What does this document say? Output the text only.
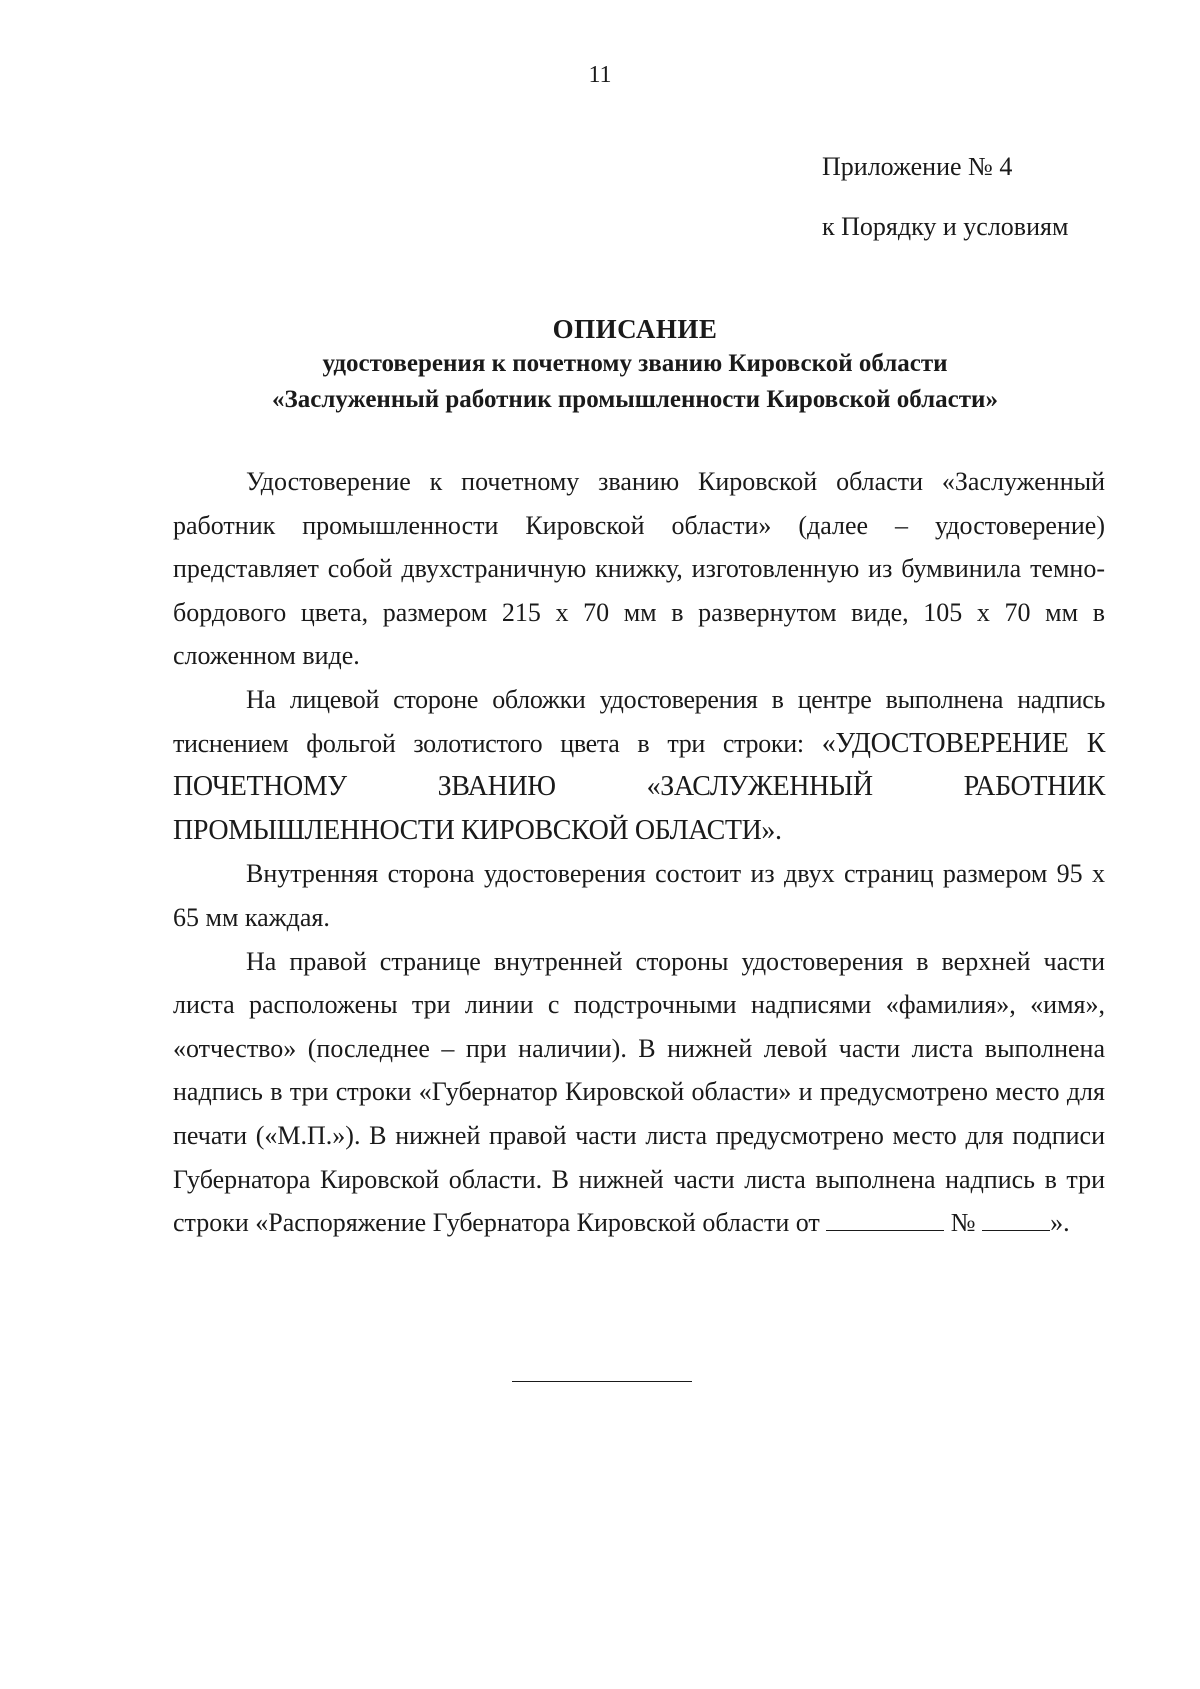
11
Приложение № 4
к Порядку и условиям
ОПИСАНИЕ
удостоверения к почетному званию Кировской области
«Заслуженный работник промышленности Кировской области»

Удостоверение к почетному званию Кировской области «Заслуженный работник промышленности Кировской области» (далее – удостоверение) представляет собой двухстраничную книжку, изготовленную из бумвинила темно-бордового цвета, размером 215 х 70 мм в развернутом виде, 105 х 70 мм в сложенном виде.

На лицевой стороне обложки удостоверения в центре выполнена надпись тиснением фольгой золотистого цвета в три строки: «УДОСТОВЕРЕНИЕ К ПОЧЕТНОМУ ЗВАНИЮ «ЗАСЛУЖЕННЫЙ РАБОТНИК ПРОМЫШЛЕННОСТИ КИРОВСКОЙ ОБЛАСТИ».

Внутренняя сторона удостоверения состоит из двух страниц размером 95 х 65 мм каждая.

На правой странице внутренней стороны удостоверения в верхней части листа расположены три линии с подстрочными надписями «фамилия», «имя», «отчество» (последнее – при наличии). В нижней левой части листа выполнена надпись в три строки «Губернатор Кировской области» и предусмотрено место для печати («М.П.»). В нижней правой части листа предусмотрено место для подписи Губернатора Кировской области. В нижней части листа выполнена надпись в три строки «Распоряжение Губернатора Кировской области от	№	».
